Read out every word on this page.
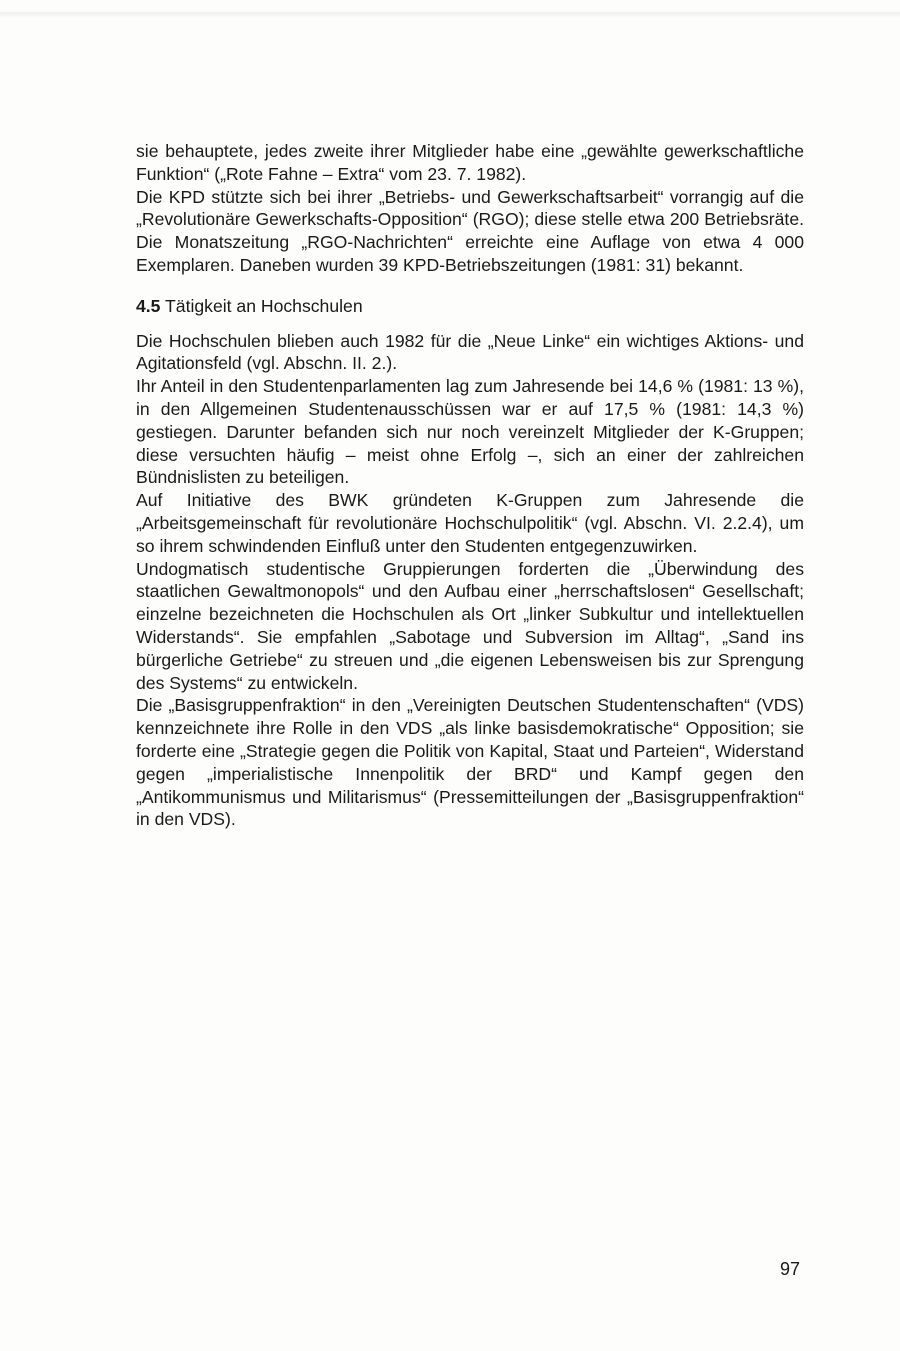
sie behauptete, jedes zweite ihrer Mitglieder habe eine „gewählte gewerkschaftliche Funktion“ („Rote Fahne – Extra“ vom 23. 7. 1982).

Die KPD stützte sich bei ihrer „Betriebs- und Gewerkschaftsarbeit“ vorrangig auf die „Revolutionäre Gewerkschafts-Opposition“ (RGO); diese stelle etwa 200 Betriebsräte. Die Monatszeitung „RGO-Nachrichten“ erreichte eine Auflage von etwa 4 000 Exemplaren. Daneben wurden 39 KPD-Betriebszeitungen (1981: 31) bekannt.

4.5 Tätigkeit an Hochschulen

Die Hochschulen blieben auch 1982 für die „Neue Linke“ ein wichtiges Aktions- und Agitationsfeld (vgl. Abschn. II. 2.).

Ihr Anteil in den Studentenparlamenten lag zum Jahresende bei 14,6 % (1981: 13 %), in den Allgemeinen Studentenausschüssen war er auf 17,5 % (1981: 14,3 %) gestiegen. Darunter befanden sich nur noch vereinzelt Mitglieder der K-Gruppen; diese versuchten häufig – meist ohne Erfolg –, sich an einer der zahlreichen Bündnislisten zu beteiligen.

Auf Initiative des BWK gründeten K-Gruppen zum Jahresende die „Arbeitsgemeinschaft für revolutionäre Hochschulpolitik“ (vgl. Abschn. VI. 2.2.4), um so ihrem schwindenden Einfluß unter den Studenten entgegenzuwirken.

Undogmatisch studentische Gruppierungen forderten die „Überwindung des staatlichen Gewaltmonopols“ und den Aufbau einer „herrschaftslosen“ Gesellschaft; einzelne bezeichneten die Hochschulen als Ort „linker Subkultur und intellektuellen Widerstands“. Sie empfahlen „Sabotage und Subversion im Alltag“, „Sand ins bürgerliche Getriebe“ zu streuen und „die eigenen Lebensweisen bis zur Sprengung des Systems“ zu entwickeln.

Die „Basisgruppenfraktion“ in den „Vereinigten Deutschen Studentenschaften“ (VDS) kennzeichnete ihre Rolle in den VDS „als linke basisdemokratische“ Opposition; sie forderte eine „Strategie gegen die Politik von Kapital, Staat und Parteien“, Widerstand gegen „imperialistische Innenpolitik der BRD“ und Kampf gegen den „Antikommunismus und Militarismus“ (Pressemitteilungen der „Basisgruppenfraktion“ in den VDS).

97
